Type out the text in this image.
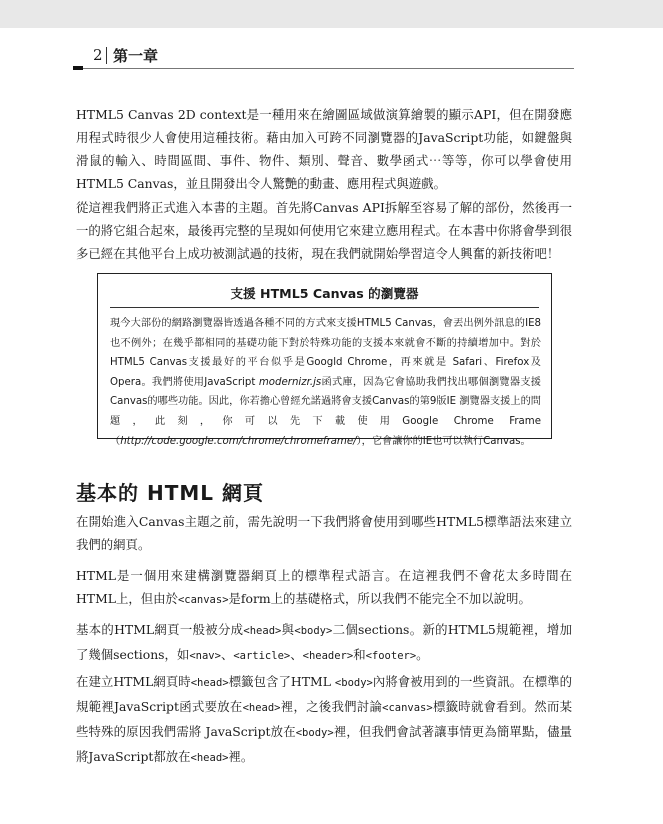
2 第一章

HTML5 Canvas 2D context是一種用來在繪圖區域做演算繪製的顯示API，但在開發應用程式時很少人會使用這種技術。藉由加入可跨不同瀏覽器的JavaScript功能，如鍵盤與滑鼠的輸入、時間區間、事件、物件、類別、聲音、數學函式⋯等等，你可以學會使用HTML5 Canvas，並且開發出令人驚艷的動畫、應用程式與遊戲。

從這裡我們將正式進入本書的主題。首先將Canvas API拆解至容易了解的部份，然後再一一的將它組合起來，最後再完整的呈現如何使用它來建立應用程式。在本書中你將會學到很多已經在其他平台上成功被測試過的技術，現在我們就開始學習這令人興奮的新技術吧！

支援 HTML5 Canvas 的瀏覽器

現今大部份的網路瀏覽器皆透過各種不同的方式來支援HTML5 Canvas，會丟出例外訊息的IE8也不例外；在幾乎都相同的基礎功能下對於特殊功能的支援本來就會不斷的持續增加中。對於HTML5 Canvas支援最好的平台似乎是Googld Chrome，再來就是 Safari、Firefox及Opera。我們將使用JavaScript modernizr.js函式庫，因為它會協助我們找出哪個瀏覽器支援Canvas的哪些功能。因此，你若擔心曾經允諾過將會支援Canvas的第9版IE 瀏覽器支援上的問題，此刻，你可以先下載使用Google Chrome Frame（http://code.google.com/chrome/chromeframe/），它會讓你的IE也可以執行Canvas。

基本的 HTML 網頁

在開始進入Canvas主題之前，需先說明一下我們將會使用到哪些HTML5標準語法來建立我們的網頁。

HTML是一個用來建構瀏覽器網頁上的標準程式語言。在這裡我們不會花太多時間在HTML上，但由於<canvas>是form上的基礎格式，所以我們不能完全不加以說明。

基本的HTML網頁一般被分成<head>與<body>二個sections。新的HTML5規範裡，增加了幾個sections，如<nav>、<article>、<header>和<footer>。

在建立HTML網頁時<head>標籤包含了HTML <body>內將會被用到的一些資訊。在標準的規範裡JavaScript函式要放在<head>裡，之後我們討論<canvas>標籤時就會看到。然而某些特殊的原因我們需將 JavaScript放在<body>裡，但我們會試著讓事情更為簡單點，儘量將JavaScript都放在<head>裡。
